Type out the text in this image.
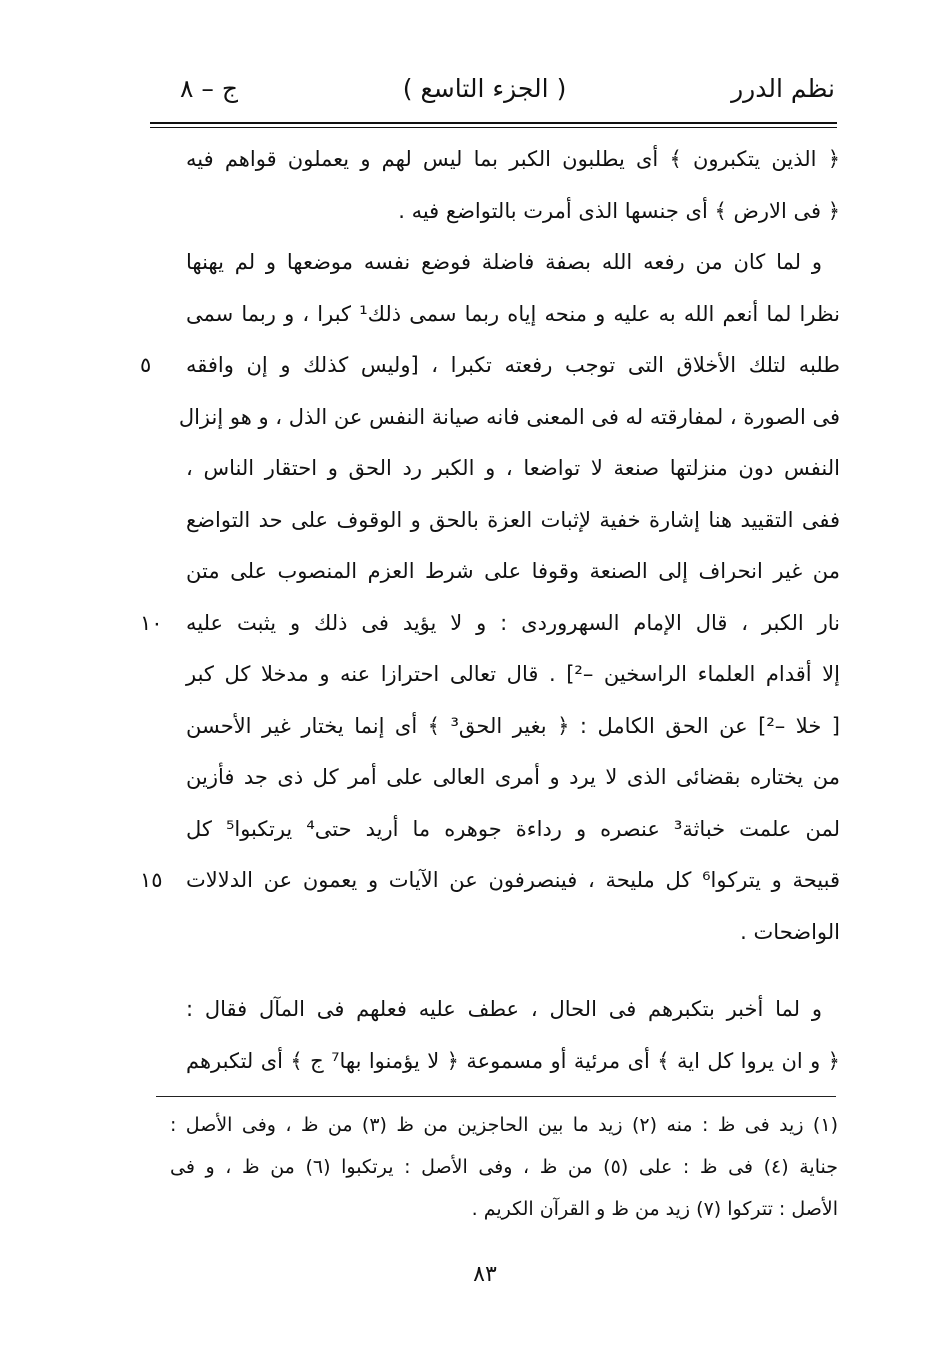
نظم الدرر
( الجزء التاسع )
ج – ٨
﴿ الذين يتكبرون ﴾ أى يطلبون الكبر بما ليس لهم و يعملون قواهم فيه
﴿ فى الارض ﴾ أى جنسها الذى أمرت بالتواضع فيه .
و لما كان من رفعه الله بصفة فاضلة فوضع نفسه موضعها و لم يهنها
نظرا لما أنعم الله به عليه و منحه إياه ربما سمى ذلك¹ كبرا ، و ربما سمى
طلبه لتلك الأخلاق التى توجب رفعته تكبرا ، [وليس كذلك و إن وافقه
٥
فى الصورة ، لمفارقته له فى المعنى فانه صيانة النفس عن الذل ، و هو إنزال
النفس دون منزلتها صنعة لا تواضعا ، و الكبر رد الحق و احتقار الناس ،
ففى التقييد هنا إشارة خفية لإثبات العزة بالحق و الوقوف على حد التواضع
من غير انحراف إلى الصنعة وقوفا على شرط العزم المنصوب على متن
نار الكبر ، قال الإمام السهروردى : و لا يؤيد فى ذلك و يثبت عليه
١٠
إلا أقدام العلماء الراسخين –²] . قال تعالى احترازا عنه و مدخلا كل كبر
[ خلا –²] عن الحق الكامل : ﴿ بغير الحق³ ﴾ أى إنما يختار غير الأحسن
من يختاره بقضائى الذى لا يرد و أمرى العالى على أمر كل ذى جد فأزين
لمن علمت خباثة³ عنصره و رداءة جوهره ما أريد حتى⁴ يرتكبوا⁵ كل
قبيحة و يتركوا⁶ كل مليحة ، فينصرفون عن الآيات و يعمون عن الدلالات
١٥
الواضحات .
و لما أخبر بتكبرهم فى الحال ، عطف عليه فعلهم فى المآل فقال :
﴿ و ان يروا كل اية ﴾ أى مرئية أو مسموعة ﴿ لا يؤمنوا بها⁷ ج ﴾ أى لتكبرهم
(١) زيد فى ظ : منه (٢) زيد ما بين الحاجزين من ظ (٣) من ظ ، وفى الأصل :
جناية (٤) فى ظ : على (٥) من ظ ، وفى الأصل : يرتكبوا (٦) من ظ ، و فى
الأصل : تتركوا (٧) زيد من ظ و القرآن الكريم .
٨٣
